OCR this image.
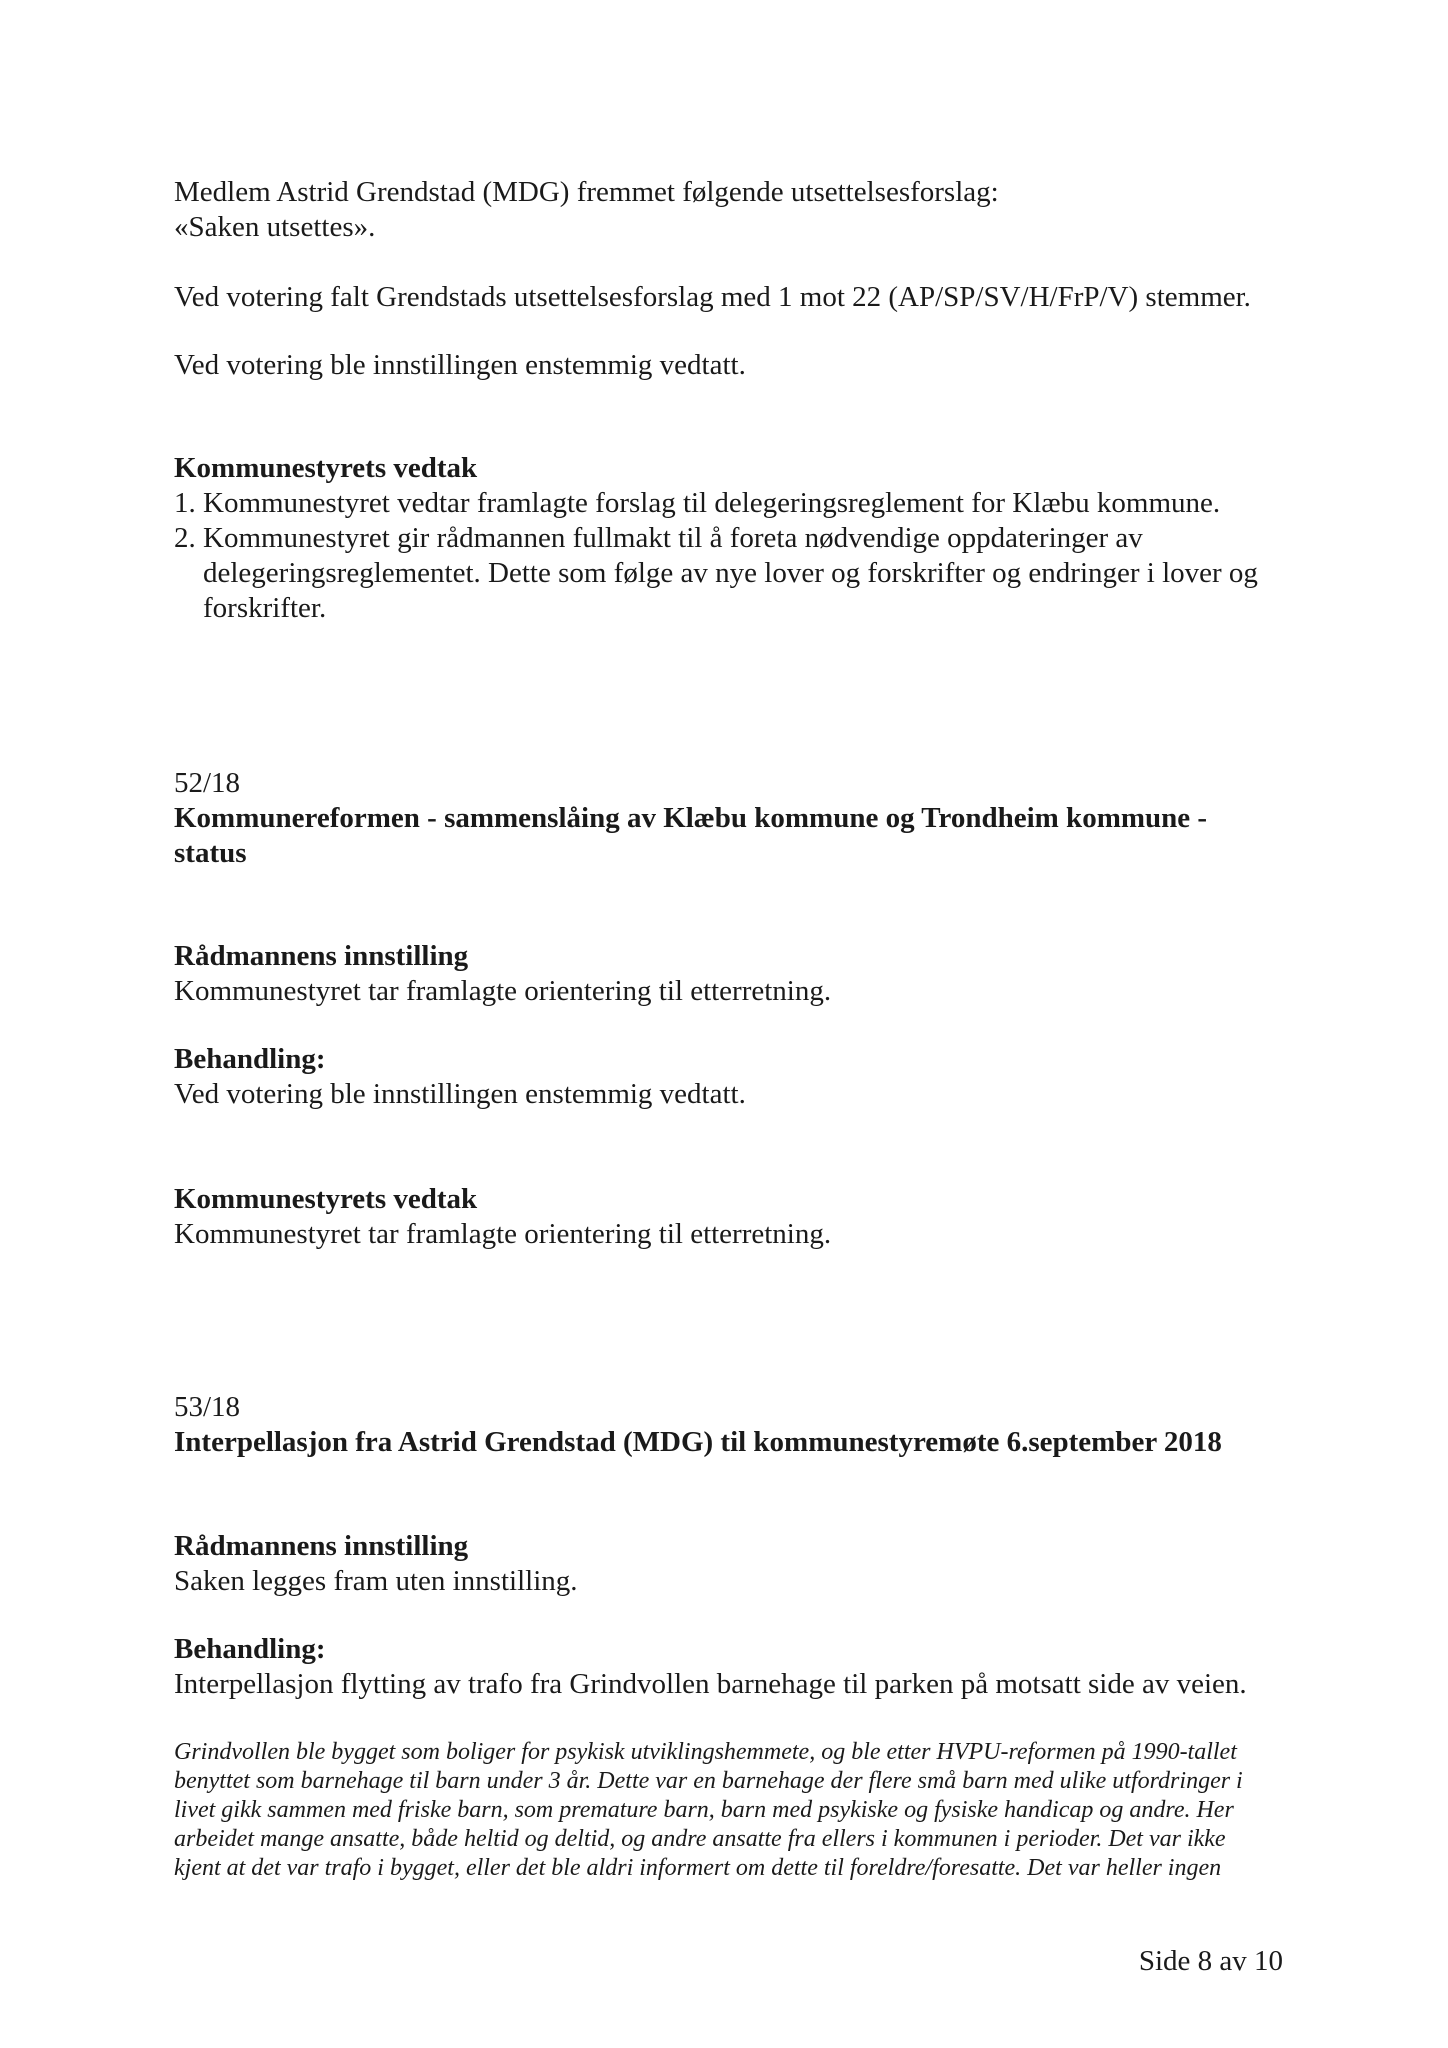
Medlem Astrid Grendstad (MDG) fremmet følgende utsettelsesforslag:
«Saken utsettes».
Ved votering falt Grendstads utsettelsesforslag med 1 mot 22 (AP/SP/SV/H/FrP/V) stemmer.
Ved votering ble innstillingen enstemmig vedtatt.
Kommunestyrets vedtak
1. Kommunestyret vedtar framlagte forslag til delegeringsreglement for Klæbu kommune.
2. Kommunestyret gir rådmannen fullmakt til å foreta nødvendige oppdateringer av
delegeringsreglementet. Dette som følge av nye lover og forskrifter og endringer i lover og
forskrifter.
52/18
Kommunereformen - sammenslåing av Klæbu kommune og Trondheim kommune -
status
Rådmannens innstilling
Kommunestyret tar framlagte orientering til etterretning.
Behandling:
Ved votering ble innstillingen enstemmig vedtatt.
Kommunestyrets vedtak
Kommunestyret tar framlagte orientering til etterretning.
53/18
Interpellasjon fra Astrid Grendstad (MDG) til kommunestyremøte 6.september 2018
Rådmannens innstilling
Saken legges fram uten innstilling.
Behandling:
Interpellasjon flytting av trafo fra Grindvollen barnehage til parken på motsatt side av veien.
Grindvollen ble bygget som boliger for psykisk utviklingshemmete, og ble etter HVPU-reformen på 1990-tallet
benyttet som barnehage til barn under 3 år. Dette var en barnehage der flere små barn med ulike utfordringer i
livet gikk sammen med friske barn, som premature barn, barn med psykiske og fysiske handicap og andre. Her
arbeidet mange ansatte, både heltid og deltid, og andre ansatte fra ellers i kommunen i perioder. Det var ikke
kjent at det var trafo i bygget, eller det ble aldri informert om dette til foreldre/foresatte. Det var heller ingen
Side 8 av 10
